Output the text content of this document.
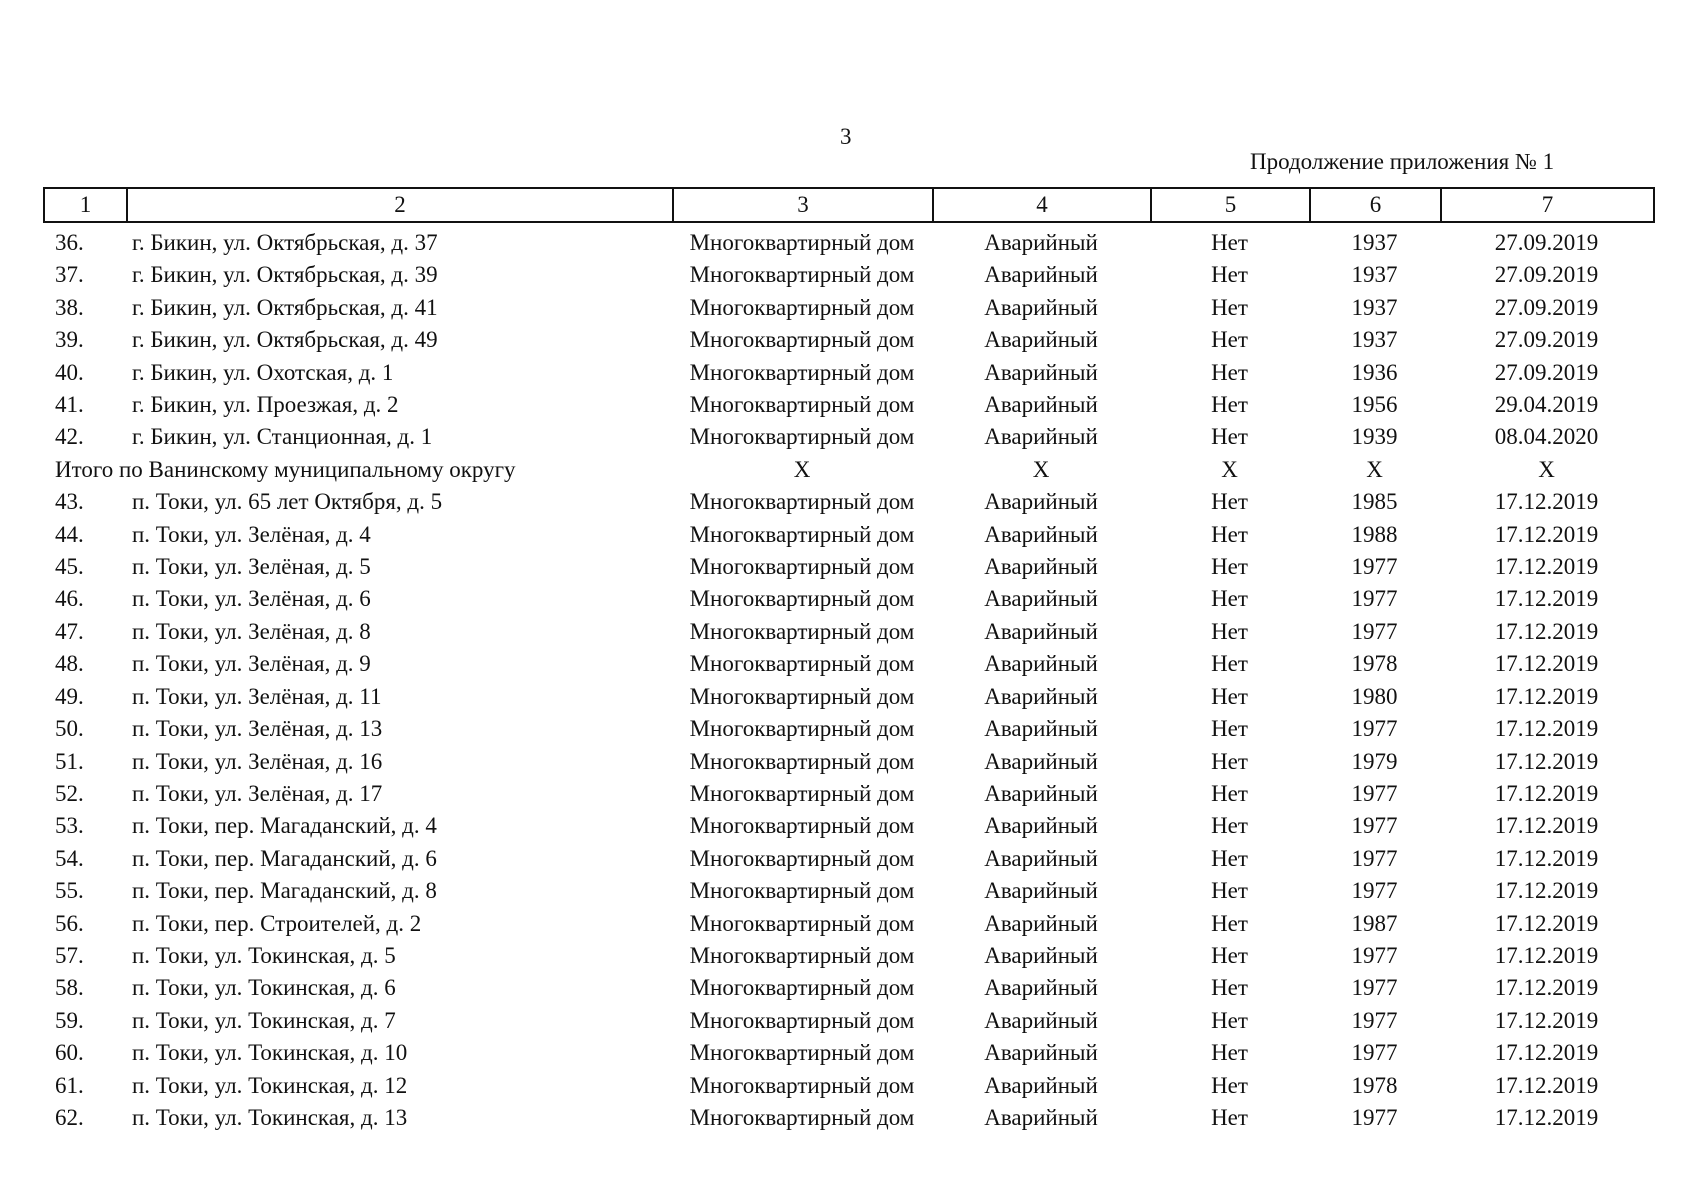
3
Продолжение приложения № 1
1	2	3	4	5	6	7
36.	г. Бикин, ул. Октябрьская, д. 37	Многоквартирный дом	Аварийный	Нет	1937	27.09.2019
37.	г. Бикин, ул. Октябрьская, д. 39	Многоквартирный дом	Аварийный	Нет	1937	27.09.2019
38.	г. Бикин, ул. Октябрьская, д. 41	Многоквартирный дом	Аварийный	Нет	1937	27.09.2019
39.	г. Бикин, ул. Октябрьская, д. 49	Многоквартирный дом	Аварийный	Нет	1937	27.09.2019
40.	г. Бикин, ул. Охотская, д. 1	Многоквартирный дом	Аварийный	Нет	1936	27.09.2019
41.	г. Бикин, ул. Проезжая, д. 2	Многоквартирный дом	Аварийный	Нет	1956	29.04.2019
42.	г. Бикин, ул. Станционная, д. 1	Многоквартирный дом	Аварийный	Нет	1939	08.04.2020
Итого по Ванинскому муниципальному округу		X	X	X	X	X
43.	п. Токи, ул. 65 лет Октября, д. 5	Многоквартирный дом	Аварийный	Нет	1985	17.12.2019
44.	п. Токи, ул. Зелёная, д. 4	Многоквартирный дом	Аварийный	Нет	1988	17.12.2019
45.	п. Токи, ул. Зелёная, д. 5	Многоквартирный дом	Аварийный	Нет	1977	17.12.2019
46.	п. Токи, ул. Зелёная, д. 6	Многоквартирный дом	Аварийный	Нет	1977	17.12.2019
47.	п. Токи, ул. Зелёная, д. 8	Многоквартирный дом	Аварийный	Нет	1977	17.12.2019
48.	п. Токи, ул. Зелёная, д. 9	Многоквартирный дом	Аварийный	Нет	1978	17.12.2019
49.	п. Токи, ул. Зелёная, д. 11	Многоквартирный дом	Аварийный	Нет	1980	17.12.2019
50.	п. Токи, ул. Зелёная, д. 13	Многоквартирный дом	Аварийный	Нет	1977	17.12.2019
51.	п. Токи, ул. Зелёная, д. 16	Многоквартирный дом	Аварийный	Нет	1979	17.12.2019
52.	п. Токи, ул. Зелёная, д. 17	Многоквартирный дом	Аварийный	Нет	1977	17.12.2019
53.	п. Токи, пер. Магаданский, д. 4	Многоквартирный дом	Аварийный	Нет	1977	17.12.2019
54.	п. Токи, пер. Магаданский, д. 6	Многоквартирный дом	Аварийный	Нет	1977	17.12.2019
55.	п. Токи, пер. Магаданский, д. 8	Многоквартирный дом	Аварийный	Нет	1977	17.12.2019
56.	п. Токи, пер. Строителей, д. 2	Многоквартирный дом	Аварийный	Нет	1987	17.12.2019
57.	п. Токи, ул. Токинская, д. 5	Многоквартирный дом	Аварийный	Нет	1977	17.12.2019
58.	п. Токи, ул. Токинская, д. 6	Многоквартирный дом	Аварийный	Нет	1977	17.12.2019
59.	п. Токи, ул. Токинская, д. 7	Многоквартирный дом	Аварийный	Нет	1977	17.12.2019
60.	п. Токи, ул. Токинская, д. 10	Многоквартирный дом	Аварийный	Нет	1977	17.12.2019
61.	п. Токи, ул. Токинская, д. 12	Многоквартирный дом	Аварийный	Нет	1978	17.12.2019
62.	п. Токи, ул. Токинская, д. 13	Многоквартирный дом	Аварийный	Нет	1977	17.12.2019
